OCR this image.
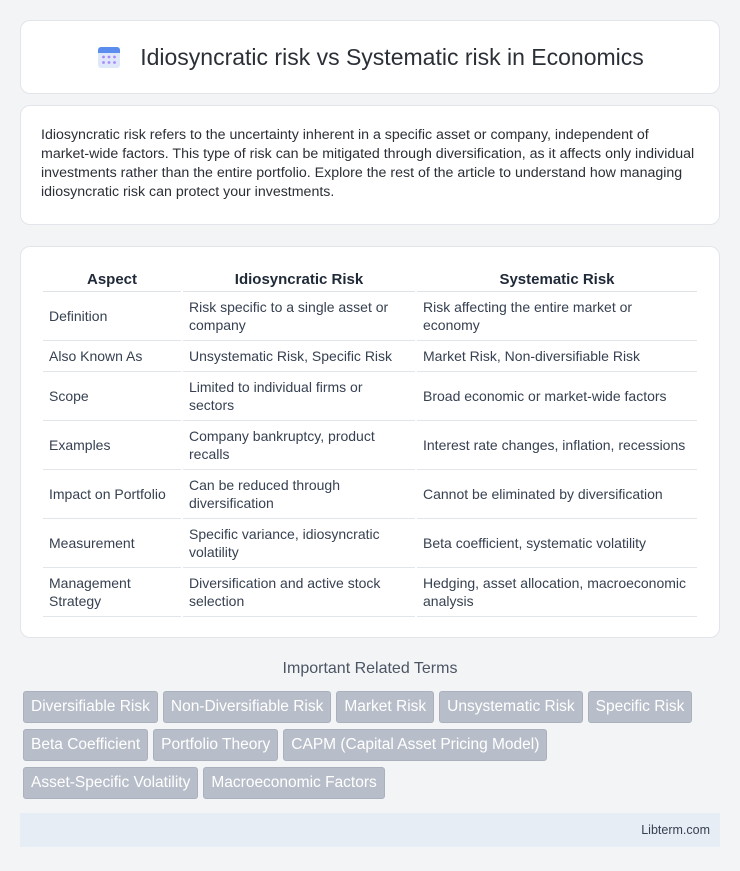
Idiosyncratic risk vs Systematic risk in Economics

Idiosyncratic risk refers to the uncertainty inherent in a specific asset or company, independent of market-wide factors. This type of risk can be mitigated through diversification, as it affects only individual investments rather than the entire portfolio. Explore the rest of the article to understand how managing idiosyncratic risk can protect your investments.

Aspect	Idiosyncratic Risk	Systematic Risk
Definition	Risk specific to a single asset or company	Risk affecting the entire market or economy
Also Known As	Unsystematic Risk, Specific Risk	Market Risk, Non-diversifiable Risk
Scope	Limited to individual firms or sectors	Broad economic or market-wide factors
Examples	Company bankruptcy, product recalls	Interest rate changes, inflation, recessions
Impact on Portfolio	Can be reduced through diversification	Cannot be eliminated by diversification
Measurement	Specific variance, idiosyncratic volatility	Beta coefficient, systematic volatility
Management Strategy	Diversification and active stock selection	Hedging, asset allocation, macroeconomic analysis
Important Related Terms
Diversifiable Risk	Non-Diversifiable Risk	Market Risk	Unsystematic Risk	Specific Risk
Beta Coefficient	Portfolio Theory	CAPM (Capital Asset Pricing Model)
Asset-Specific Volatility	Macroeconomic Factors
Libterm.com
